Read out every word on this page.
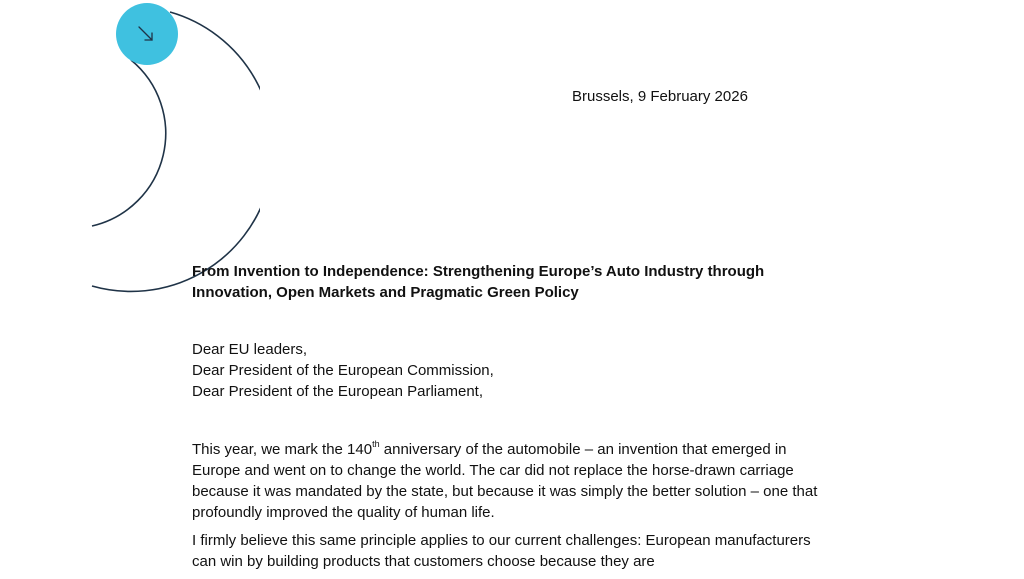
Brussels, 9 February 2026
From Invention to Independence: Strengthening Europe’s Auto Industry through Innovation, Open Markets and Pragmatic Green Policy
Dear EU leaders,
Dear President of the European Commission,
Dear President of the European Parliament,

This year, we mark the 140th anniversary of the automobile – an invention that emerged in Europe and went on to change the world. The car did not replace the horse-drawn carriage because it was mandated by the state, but because it was simply the better solution – one that profoundly improved the quality of human life.

I firmly believe this same principle applies to our current challenges: European manufacturers can win by building products that customers choose because they are
